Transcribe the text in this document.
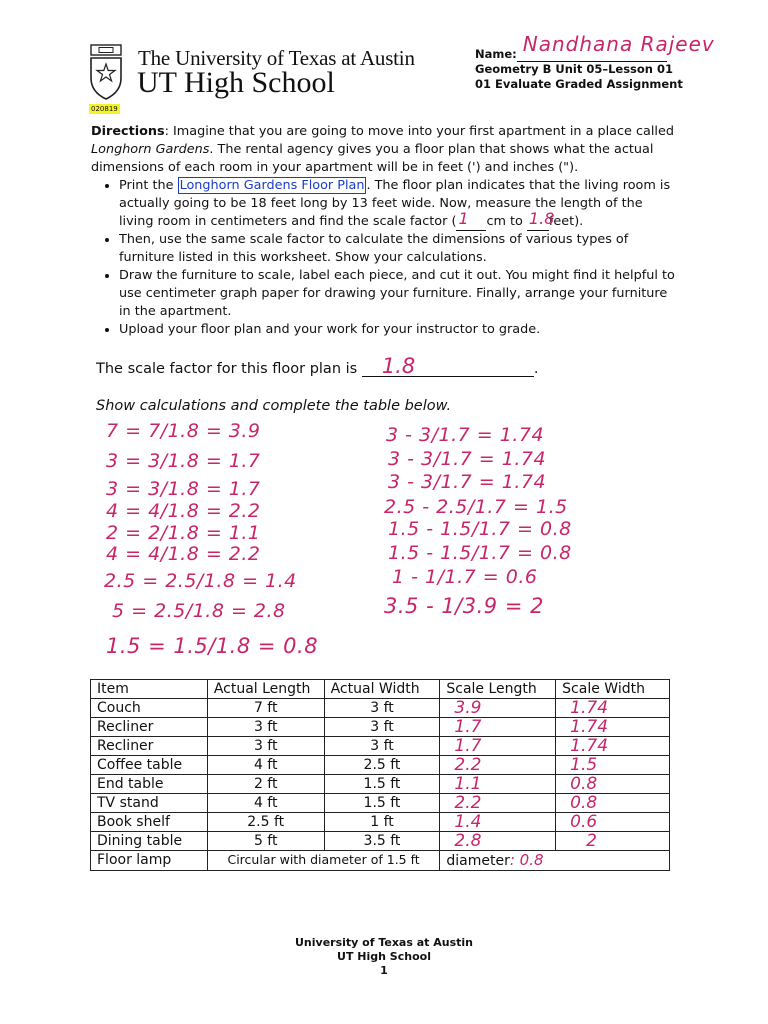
The University of Texas at Austin
UT High School
020819
Name: Nandhana Rajeev
Geometry B Unit 05–Lesson 01
01 Evaluate Graded Assignment

Directions: Imagine that you are going to move into your first apartment in a place called Longhorn Gardens. The rental agency gives you a floor plan that shows what the actual dimensions of each room in your apartment will be in feet (') and inches (").

• Print the Longhorn Gardens Floor Plan . The floor plan indicates that the living room is actually going to be 18 feet long by 13 feet wide. Now, measure the length of the living room in centimeters and find the scale factor ( 1 cm to 1.8
feet).
• Then, use the same scale factor to calculate the dimensions of various types of furniture listed in this worksheet. Show your calculations.
• Draw the furniture to scale, label each piece, and cut it out. You might find it helpful to use centimeter graph paper for drawing your furniture. Finally, arrange your furniture in the apartment.
• Upload your floor plan and your work for your instructor to grade.
The scale factor for this floor plan is 1.8	.
Show calculations and complete the table below.
7 = 7/1.8 = 3.9
3 = 3/1.8 = 1.7
3 = 3/1.8 = 1.7
4 = 4/1.8 = 2.2
2 = 2/1.8 = 1.1
4 = 4/1.8 = 2.2
2.5 = 2.5/1.8 = 1.4
5 = 2.5/1.8 = 2.8
1.5 = 1.5/1.8 = 0.8
3 - 3/1.7 = 1.74
3 - 3/1.7 = 1.74
3 - 3/1.7 = 1.74
2.5 - 2.5/1.7 = 1.5
1.5 - 1.5/1.7 = 0.8
1.5 - 1.5/1.7 = 0.8
1 - 1/1.7 = 0.6
3.5 - 1/3.9 = 2
Item	Actual Length	Actual Width	Scale Length	Scale Width
Couch	7 ft	3 ft	3.9	1.74
Recliner	3 ft	3 ft	1.7	1.74
Recliner	3 ft	3 ft	1.7	1.74
Coffee table	4 ft	2.5 ft	2.2	1.5
End table	2 ft	1.5 ft	1.1	0.8
TV stand	4 ft	1.5 ft	2.2	0.8
Book shelf	2.5 ft	1 ft	1.4	0.6
Dining table	5 ft	3.5 ft	2.8	2
Floor lamp	Circular with diameter of 1.5 ft		diameter: 0.8	
University of Texas at Austin
UT High School
1
